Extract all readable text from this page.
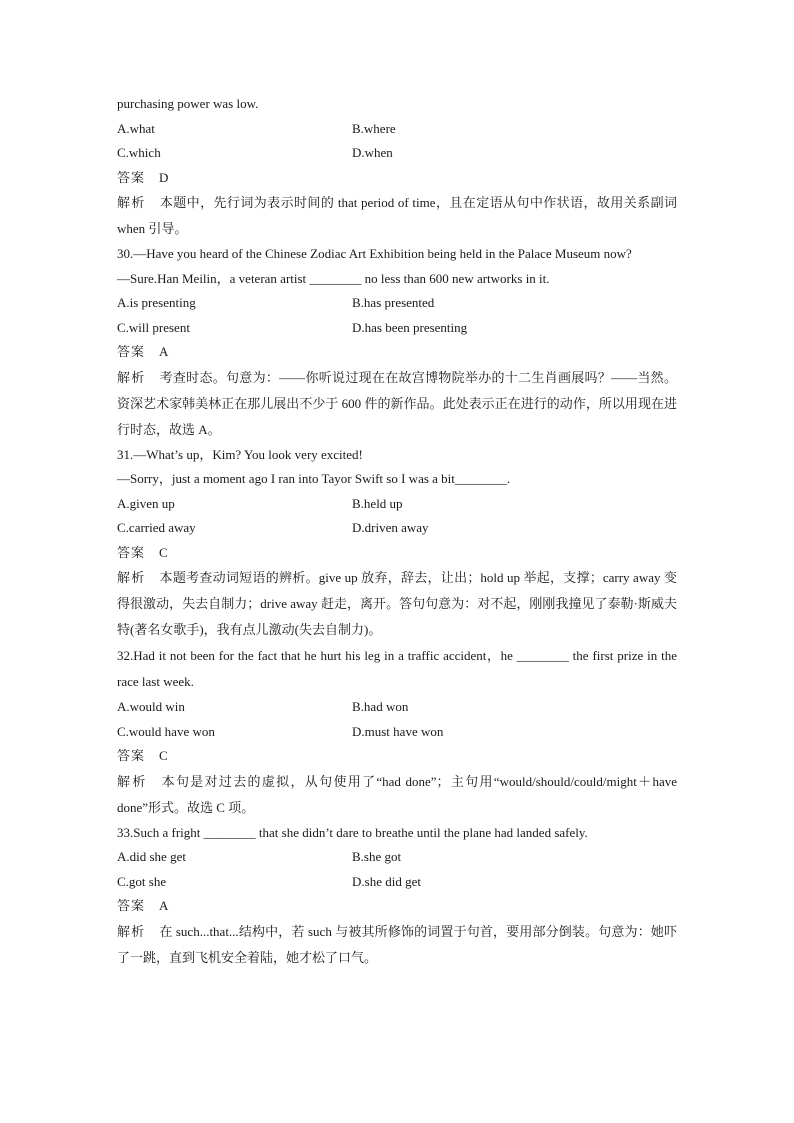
purchasing power was low.
A.what	B.where
C.which	D.when
答案 D
解析 本题中，先行词为表示时间的 that period of time，且在定语从句中作状语，故用关系副词 when 引导。
30.—Have you heard of the Chinese Zodiac Art Exhibition being held in the Palace Museum now?
—Sure.Han Meilin，a veteran artist ________ no less than 600 new artworks in it.
A.is presenting	B.has presented
C.will present	D.has been presenting
答案 A
解析 考查时态。句意为：——你听说过现在在故宫博物院举办的十二生肖画展吗？——当然。资深艺术家韩美林正在那儿展出不少于 600 件的新作品。此处表示正在进行的动作，所以用现在进行时态，故选 A。
31.—What’s up，Kim? You look very excited!
—Sorry，just a moment ago I ran into Tayor Swift so I was a bit________.
A.given up	B.held up
C.carried away	D.driven away
答案 C
解析 本题考查动词短语的辨析。give up 放弃，辞去，让出；hold up 举起，支撑；carry away 变得很激动，失去自制力；drive away 赶走，离开。答句句意为：对不起，刚刚我撞见了泰勒·斯威夫特(著名女歌手)，我有点儿激动(失去自制力)。
32.Had it not been for the fact that he hurt his leg in a traffic accident，he ________ the first prize in the race last week.
A.would win	B.had won
C.would have won	D.must have won
答案 C
解析 本句是对过去的虚拟，从句使用了“had done”；主句用“would/should/could/might＋have done”形式。故选 C 项。
33.Such a fright ________ that she didn’t dare to breathe until the plane had landed safely.
A.did she get	B.she got
C.got she	D.she did get
答案 A
解析 在 such...that...结构中，若 such 与被其所修饰的词置于句首，要用部分倒装。句意为：她吓了一跳，直到飞机安全着陆，她才松了口气。
